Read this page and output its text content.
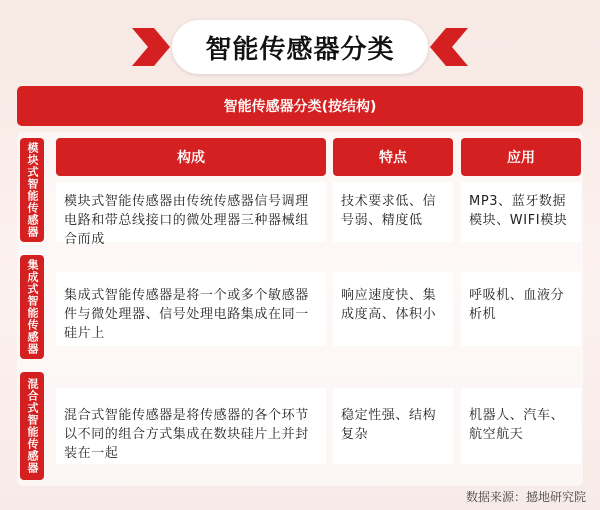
智能传感器分类
智能传感器分类(按结构)
构成	特点	应用
模块式智能传感器
集成式智能传感器
混合式智能传感器
模块式智能传感器由传统传感器信号调理电路和带总线接口的微处理器三种器械组合而成
技术要求低、信号弱、精度低
MP3、蓝牙数据模块、WIFI模块
集成式智能传感器是将一个或多个敏感器件与微处理器、信号处理电路集成在同一硅片上
响应速度快、集成度高、体积小
呼吸机、血液分析机
混合式智能传感器是将传感器的各个环节以不同的组合方式集成在数块硅片上并封装在一起
稳定性强、结构复杂
机器人、汽车、航空航天
数据来源：撼地研究院
